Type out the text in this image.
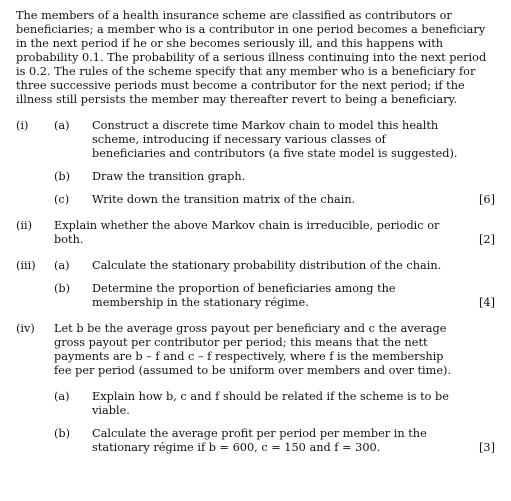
The members of a health insurance scheme are classified as contributors or beneficiaries; a member who is a contributor in one period becomes a beneficiary in the next period if he or she becomes seriously ill, and this happens with probability 0.1. The probability of a serious illness continuing into the next period is 0.2. The rules of the scheme specify that any member who is a beneficiary for three successive periods must become a contributor for the next period; if the illness still persists the member may thereafter revert to being a beneficiary.

(i)	(a) Construct a discrete time Markov chain to model this health scheme, introducing if necessary various classes of beneficiaries and contributors (a five state model is suggested).
(b) Draw the transition graph.
(c) Write down the transition matrix of the chain.	[6]
(ii)	Explain whether the above Markov chain is irreducible, periodic or both.	[2]
(iii)	(a) Calculate the stationary probability distribution of the chain.
(b) Determine the proportion of beneficiaries among the membership in the stationary régime.	[4]
(iv)	Let b be the average gross payout per beneficiary and c the average gross payout per contributor per period; this means that the nett payments are b – f and c – f respectively, where f is the membership fee per period (assumed to be uniform over members and over time).
(a) Explain how b, c and f should be related if the scheme is to be viable.
(b) Calculate the average profit per period per member in the stationary régime if b = 600, c = 150 and f = 300.	[3]
